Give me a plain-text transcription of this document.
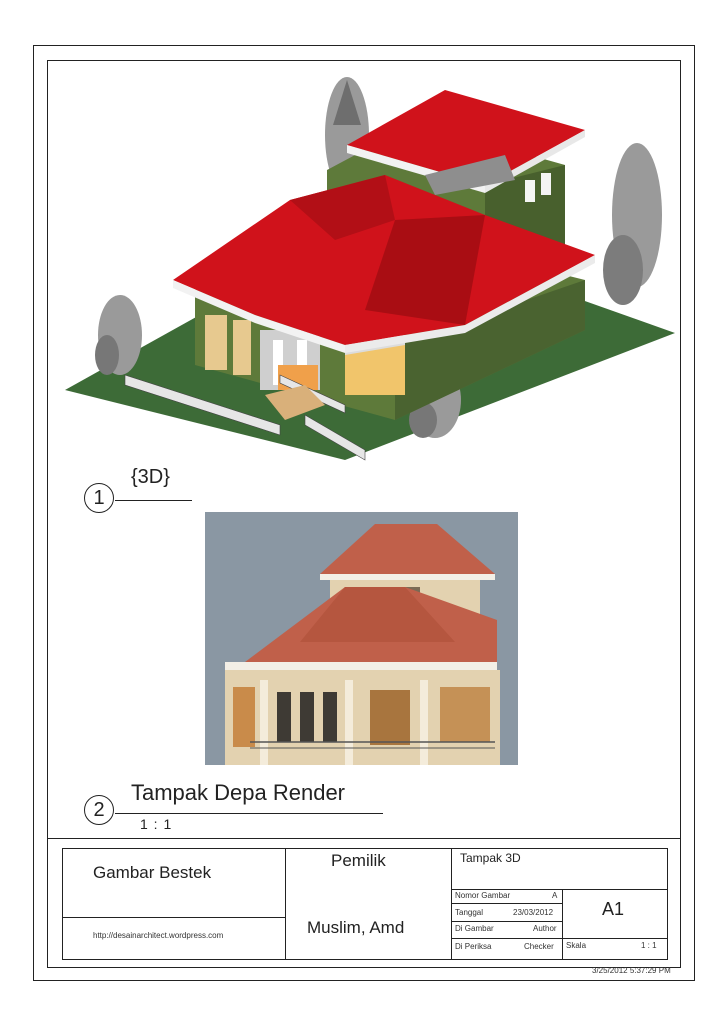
1
{3D}
2
Tampak Depa Render
1 : 1
Gambar Bestek
http://desainarchitect.wordpress.com
Pemilik
Muslim, Amd
Tampak 3D
Nomor Gambar	A
Tanggal	23/03/2012
Di Gambar	Author
Di Periksa	Checker
A1
Skala	1 : 1
3/25/2012 5:37:29 PM
